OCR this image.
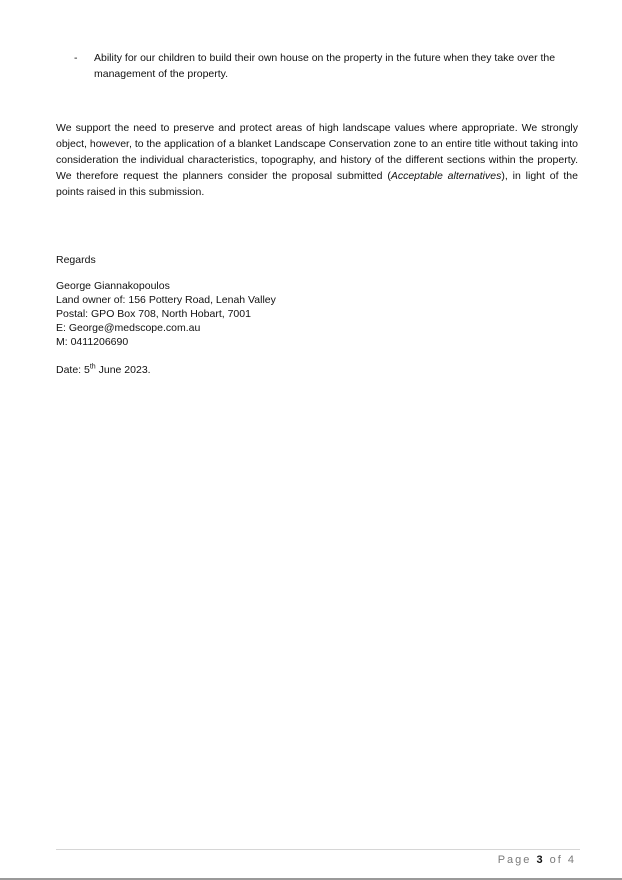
-	Ability for our children to build their own house on the property in the future when they take over the management of the property.
We support the need to preserve and protect areas of high landscape values where appropriate. We strongly object, however, to the application of a blanket Landscape Conservation zone to an entire title without taking into consideration the individual characteristics, topography, and history of the different sections within the property. We therefore request the planners consider the proposal submitted (Acceptable alternatives), in light of the points raised in this submission.
Regards
George Giannakopoulos
Land owner of: 156 Pottery Road, Lenah Valley
Postal: GPO Box 708, North Hobart, 7001
E: George@medscope.com.au
M: 0411206690
Date: 5th June 2023.
Page 3 of 4
